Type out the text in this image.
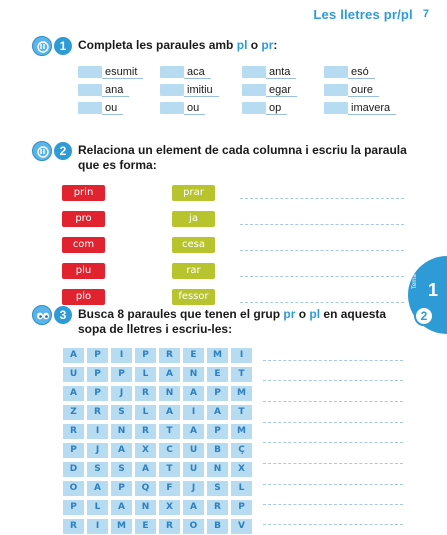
Les lletres pr/pl 7
1 Completa les paraules amb pl o pr:
esumit	aca	anta	esó
ana	imitiu	egar	oure
ou	ou	op	imavera
2 Relaciona un element de cada columna i escriu la paraula
que es forma:
prin	prar
pro	ja
com	cesa
plu	rar
plo	fessor
Tema 1
2
3 Busca 8 paraules que tenen el grup pr o pl en aquesta
sopa de lletres i escriu-les:
A	P	I	P	R	E	M	I
U	P	P	L	A	N	E	T
A	P	J	R	N	A	P	M
Z	R	S	L	A	I	A	T
R	I	N	R	T	A	P	M
P	J	A	X	C	U	B	Ç
D	S	S	A	T	U	N	X
O	A	P	Q	F	J	S	L
P	L	A	N	X	A	R	P
R	I	M	E	R	O	B	V
